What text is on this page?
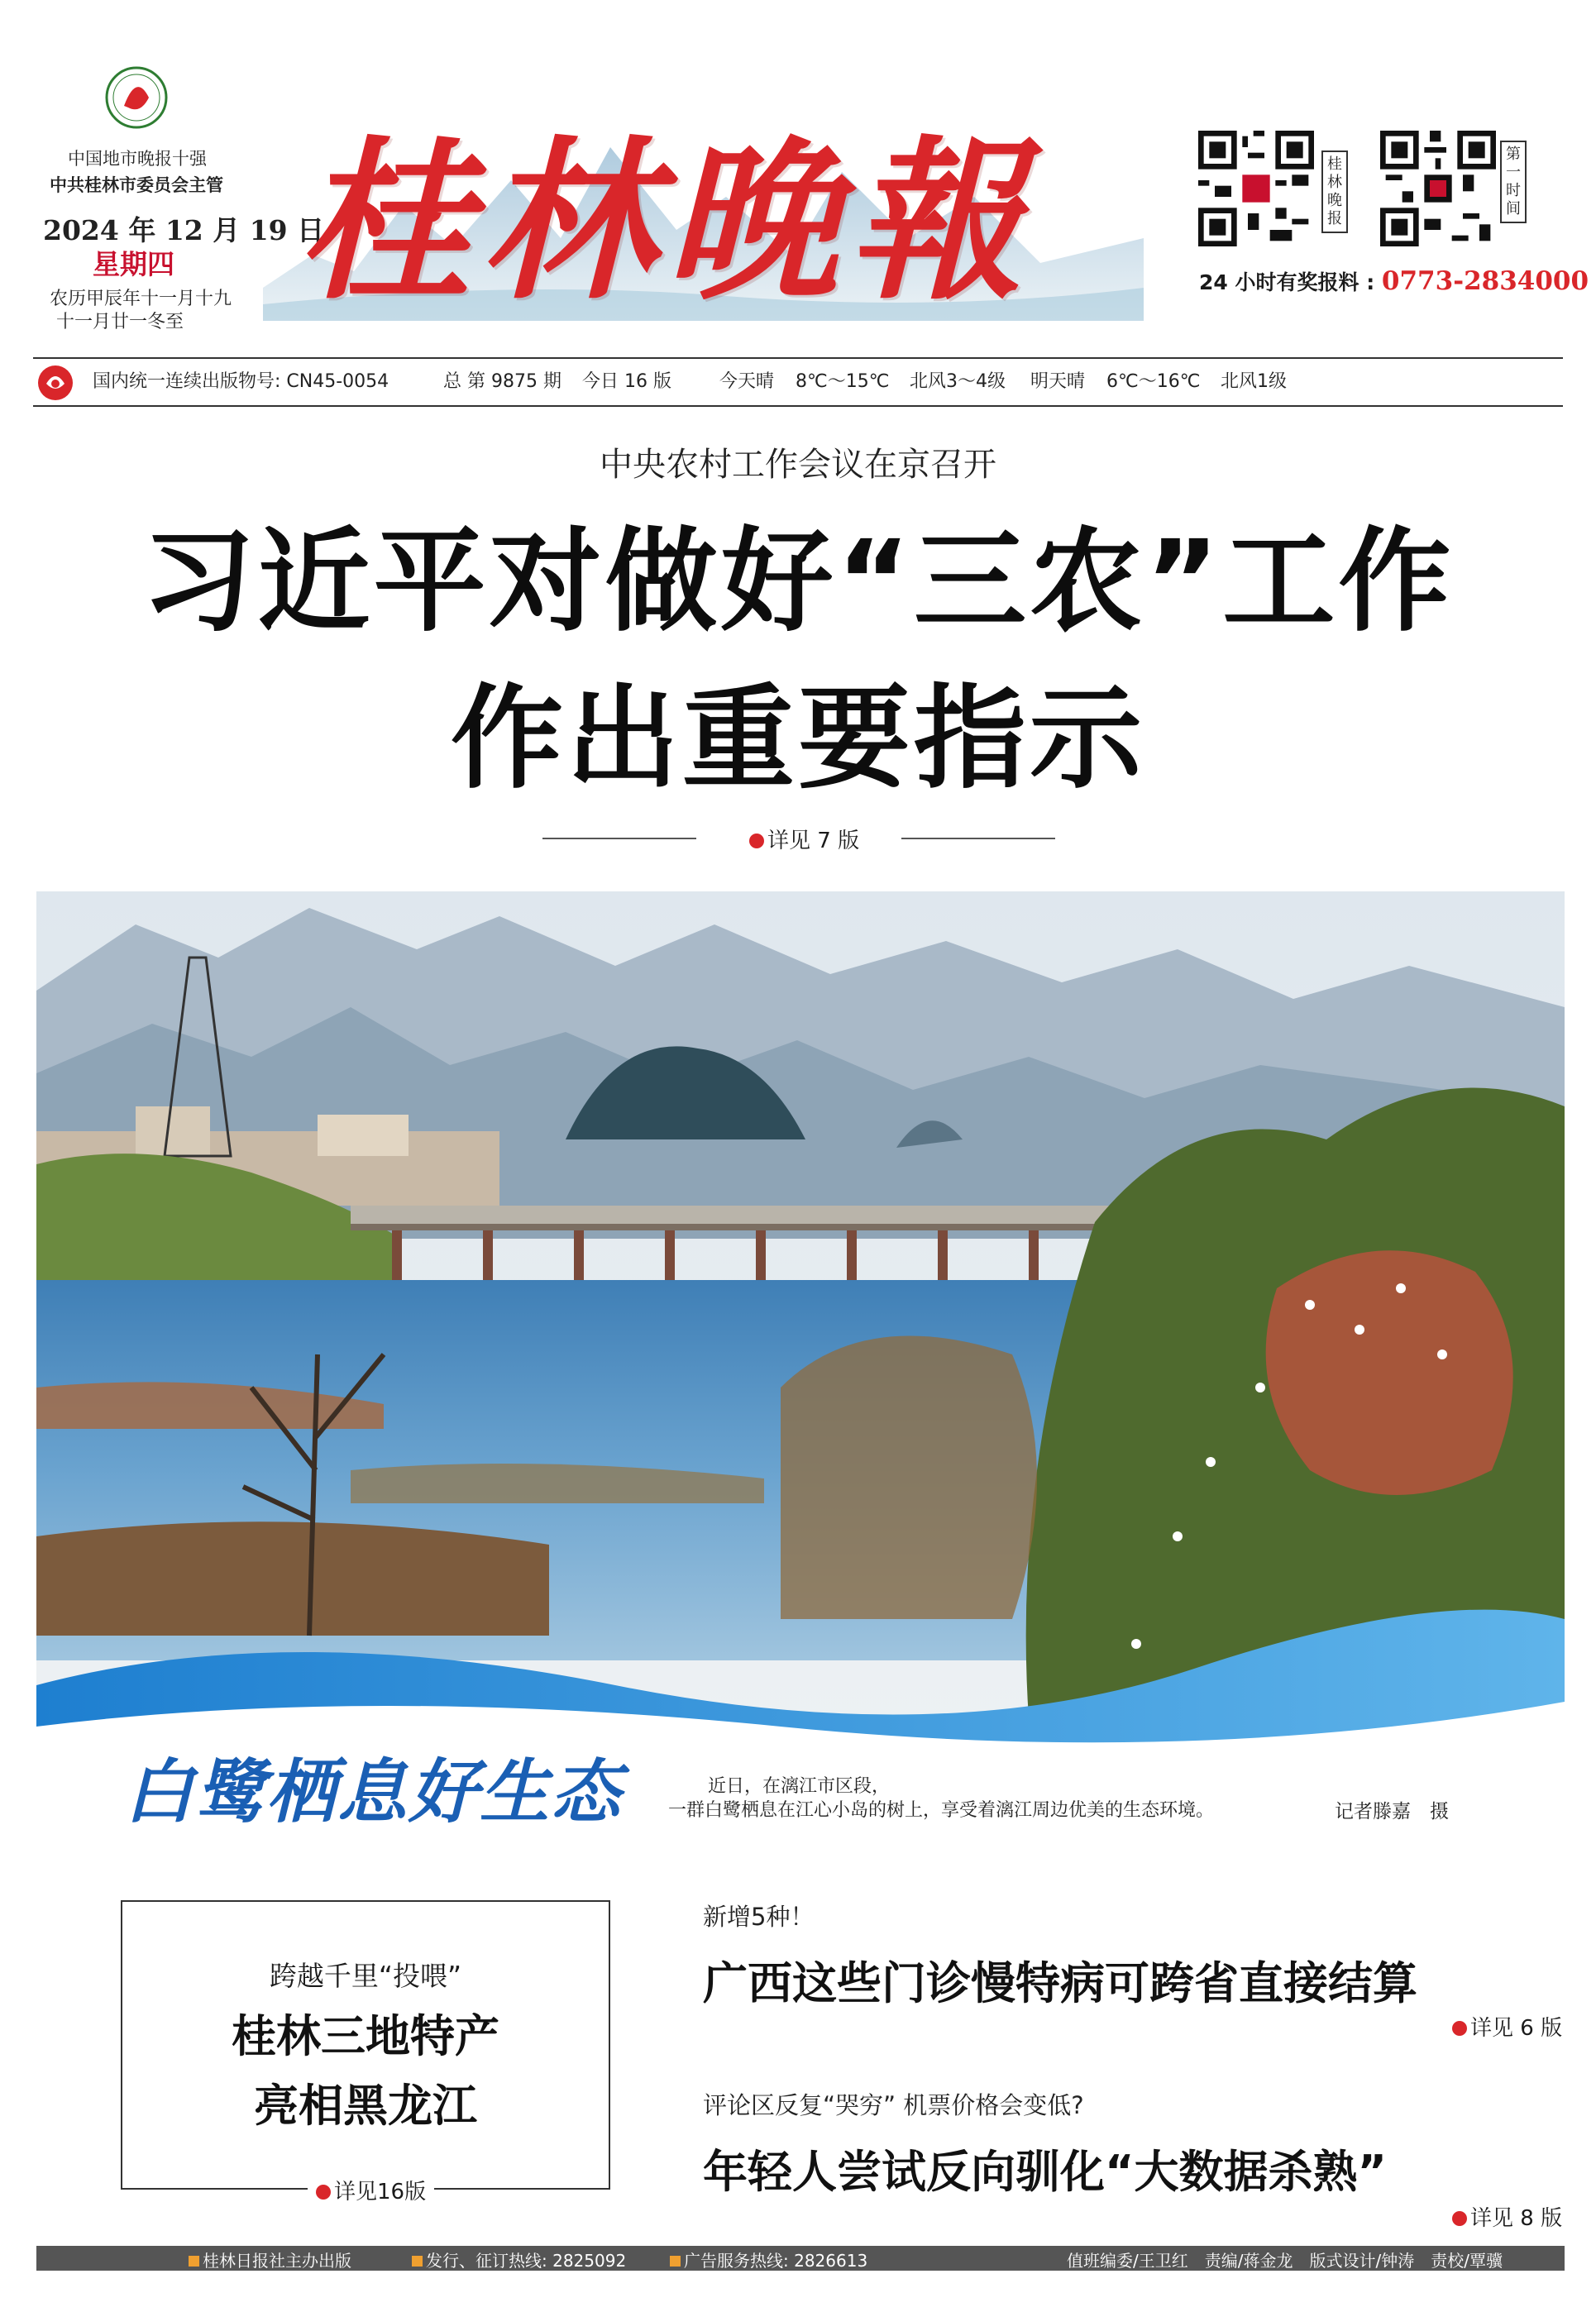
中国地市晚报十强
中共桂林市委员会主管
2024 年 12 月 19 日
星期四
农历甲辰年十一月十九
十一月廿一冬至 桂林晚報	桂林晚报
第一时间
24 小时有奖报料 : 0773-2834000
国内统一连续出版物号: CN45-0054	总 第 9875 期 今日 16 版	今天晴 8℃～15℃ 北风3～4级 明天晴 6℃～16℃ 北风1级
中央农村工作会议在京召开
习近平对做好“三农”工作
作出重要指示
详见 7 版
白鹭栖息好生态	近日，在漓江市区段，
一群白鹭栖息在江心小岛的树上，享受着漓江周边优美的生态环境。	记者滕嘉　摄
跨越千里“投喂”
桂林三地特产
亮相黑龙江
详见16版
新增5种！
广西这些门诊慢特病可跨省直接结算
详见 6 版
评论区反复“哭穷” 机票价格会变低?
年轻人尝试反向驯化“大数据杀熟”
详见 8 版
桂林日报社主办出版	发行、征订热线: 2825092	广告服务热线: 2826613	值班编委/王卫红　责编/蒋金龙　版式设计/钟涛　责校/覃骥
